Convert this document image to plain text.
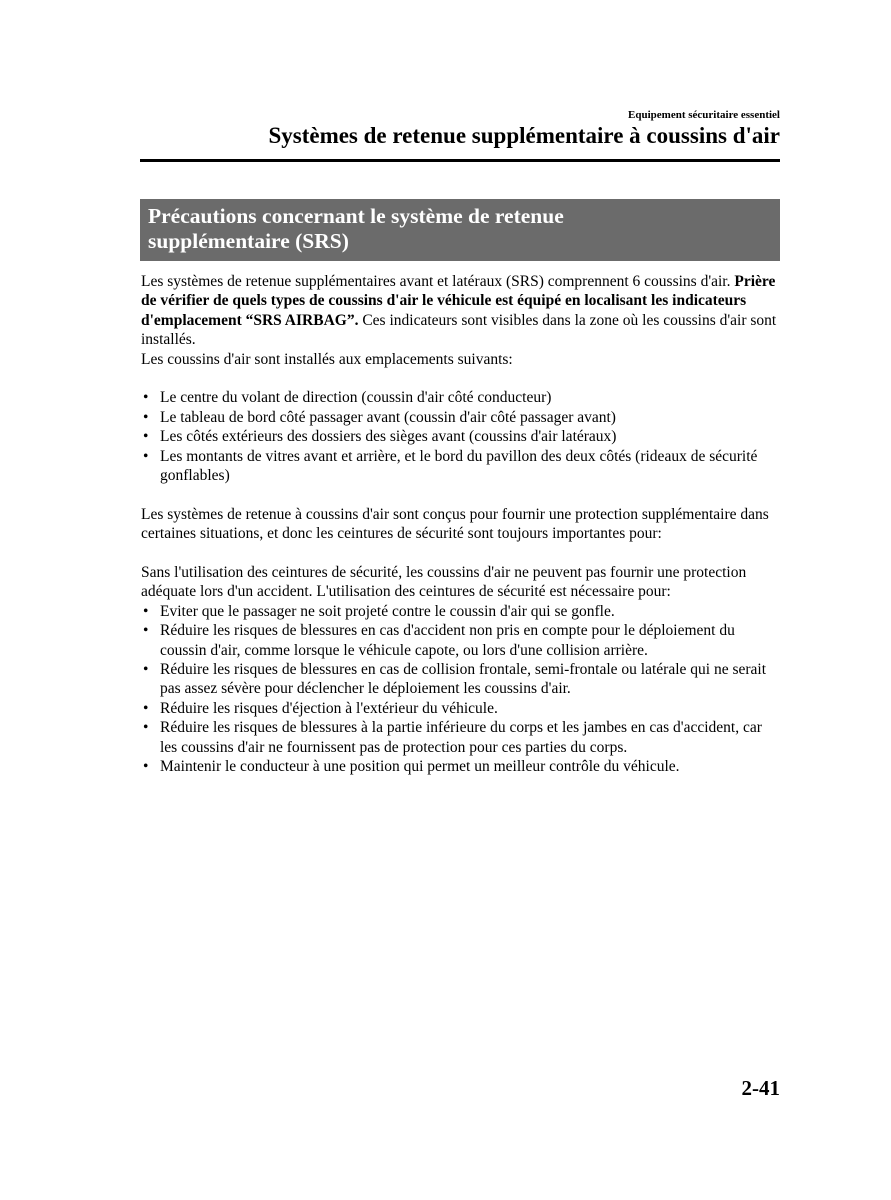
Equipement sécuritaire essentiel
Systèmes de retenue supplémentaire à coussins d'air
Précautions concernant le système de retenue
supplémentaire (SRS)

Les systèmes de retenue supplémentaires avant et latéraux (SRS) comprennent 6 coussins d'air. Prière de vérifier de quels types de coussins d'air le véhicule est équipé en localisant les indicateurs d'emplacement “SRS AIRBAG”. Ces indicateurs sont visibles dans la zone où les coussins d'air sont installés.

Les coussins d'air sont installés aux emplacements suivants:

• Le centre du volant de direction (coussin d'air côté conducteur)
• Le tableau de bord côté passager avant (coussin d'air côté passager avant)
• Les côtés extérieurs des dossiers des sièges avant (coussins d'air latéraux)
• Les montants de vitres avant et arrière, et le bord du pavillon des deux côtés (rideaux de sécurité gonflables)

Les systèmes de retenue à coussins d'air sont conçus pour fournir une protection supplémentaire dans certaines situations, et donc les ceintures de sécurité sont toujours importantes pour:

Sans l'utilisation des ceintures de sécurité, les coussins d'air ne peuvent pas fournir une protection adéquate lors d'un accident. L'utilisation des ceintures de sécurité est nécessaire pour:

• Eviter que le passager ne soit projeté contre le coussin d'air qui se gonfle.
• Réduire les risques de blessures en cas d'accident non pris en compte pour le déploiement du coussin d'air, comme lorsque le véhicule capote, ou lors d'une collision arrière.
• Réduire les risques de blessures en cas de collision frontale, semi-frontale ou latérale qui ne serait pas assez sévère pour déclencher le déploiement les coussins d'air.
• Réduire les risques d'éjection à l'extérieur du véhicule.
• Réduire les risques de blessures à la partie inférieure du corps et les jambes en cas d'accident, car les coussins d'air ne fournissent pas de protection pour ces parties du corps.
• Maintenir le conducteur à une position qui permet un meilleur contrôle du véhicule.
2-41
